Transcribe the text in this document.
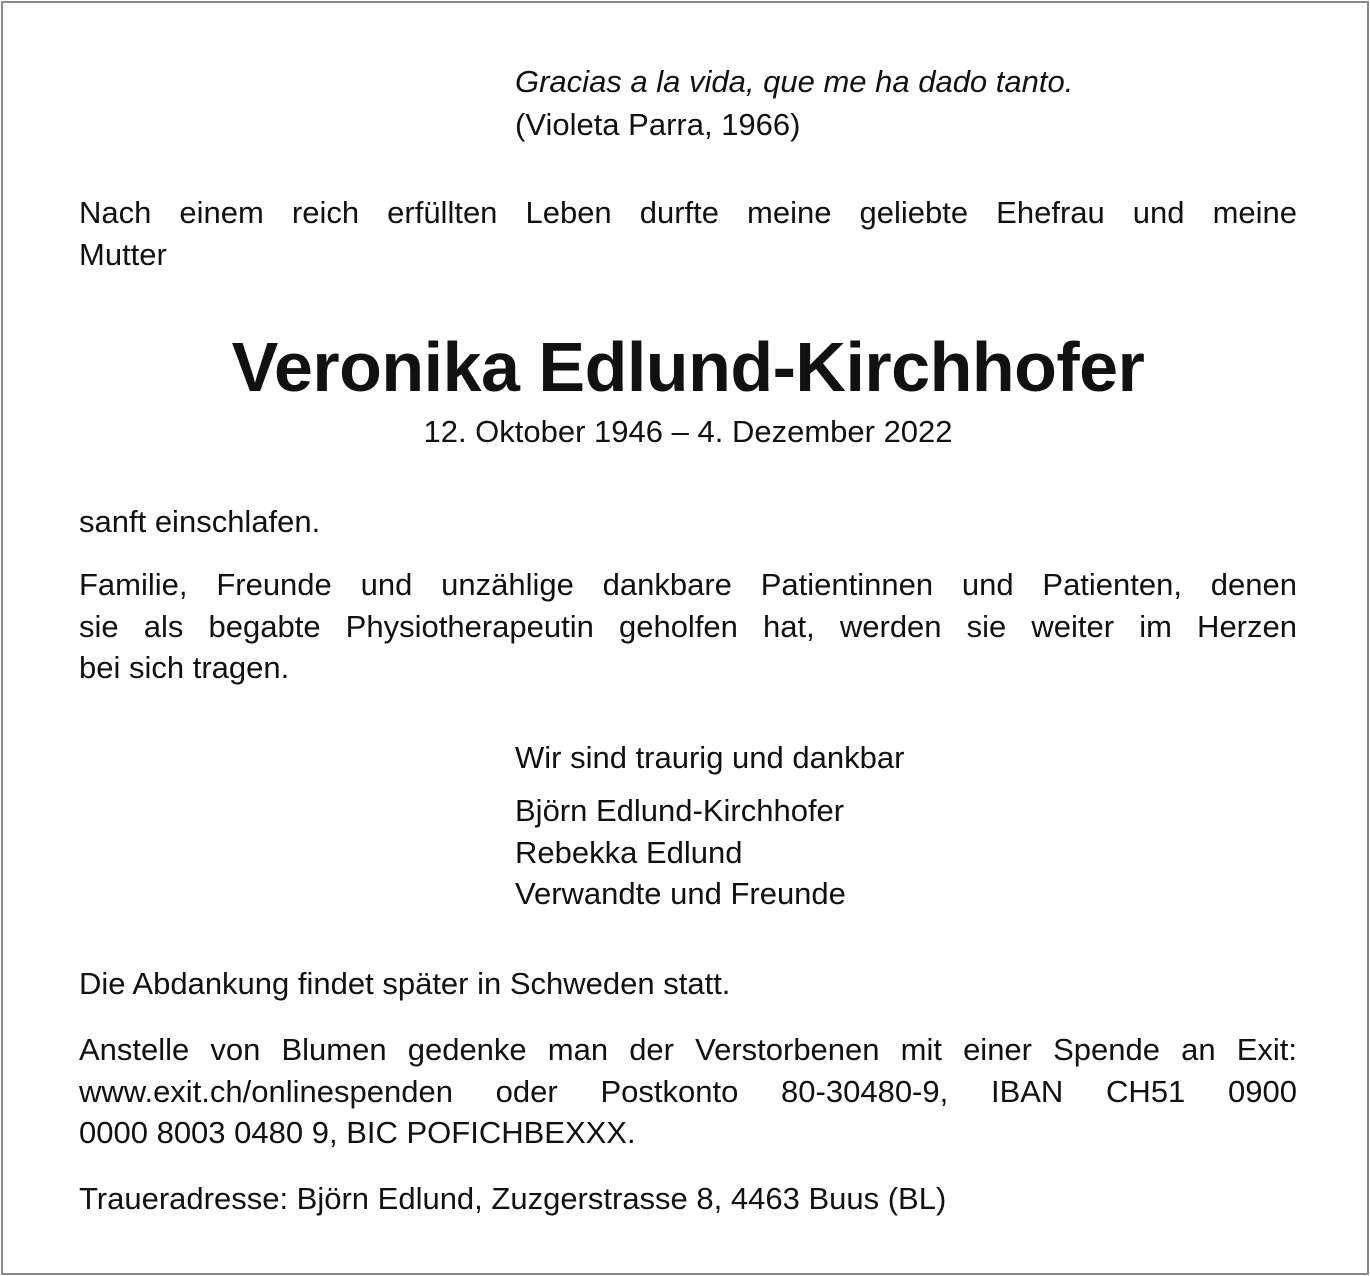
Gracias a la vida, que me ha dado tanto.

(Violeta Parra, 1966)

Nach einem reich erfüllten Leben durfte meine geliebte Ehefrau und meine
Mutter
Veronika Edlund-Kirchhofer

12. Oktober 1946 – 4. Dezember 2022

sanft einschlafen.

Familie, Freunde und unzählige dankbare Patientinnen und Patienten, denen
sie als begabte Physiotherapeutin geholfen hat, werden sie weiter im Herzen
bei sich tragen.

Wir sind traurig und dankbar

Björn Edlund-Kirchhofer

Rebekka Edlund

Verwandte und Freunde

Die Abdankung findet später in Schweden statt.

Anstelle von Blumen gedenke man der Verstorbenen mit einer Spende an Exit:
www.exit.ch/onlinespenden oder Postkonto 80-30480-9, IBAN CH51 0900
0000 8003 0480 9, BIC POFICHBEXXX.

Traueradresse: Björn Edlund, Zuzgerstrasse 8, 4463 Buus (BL)
